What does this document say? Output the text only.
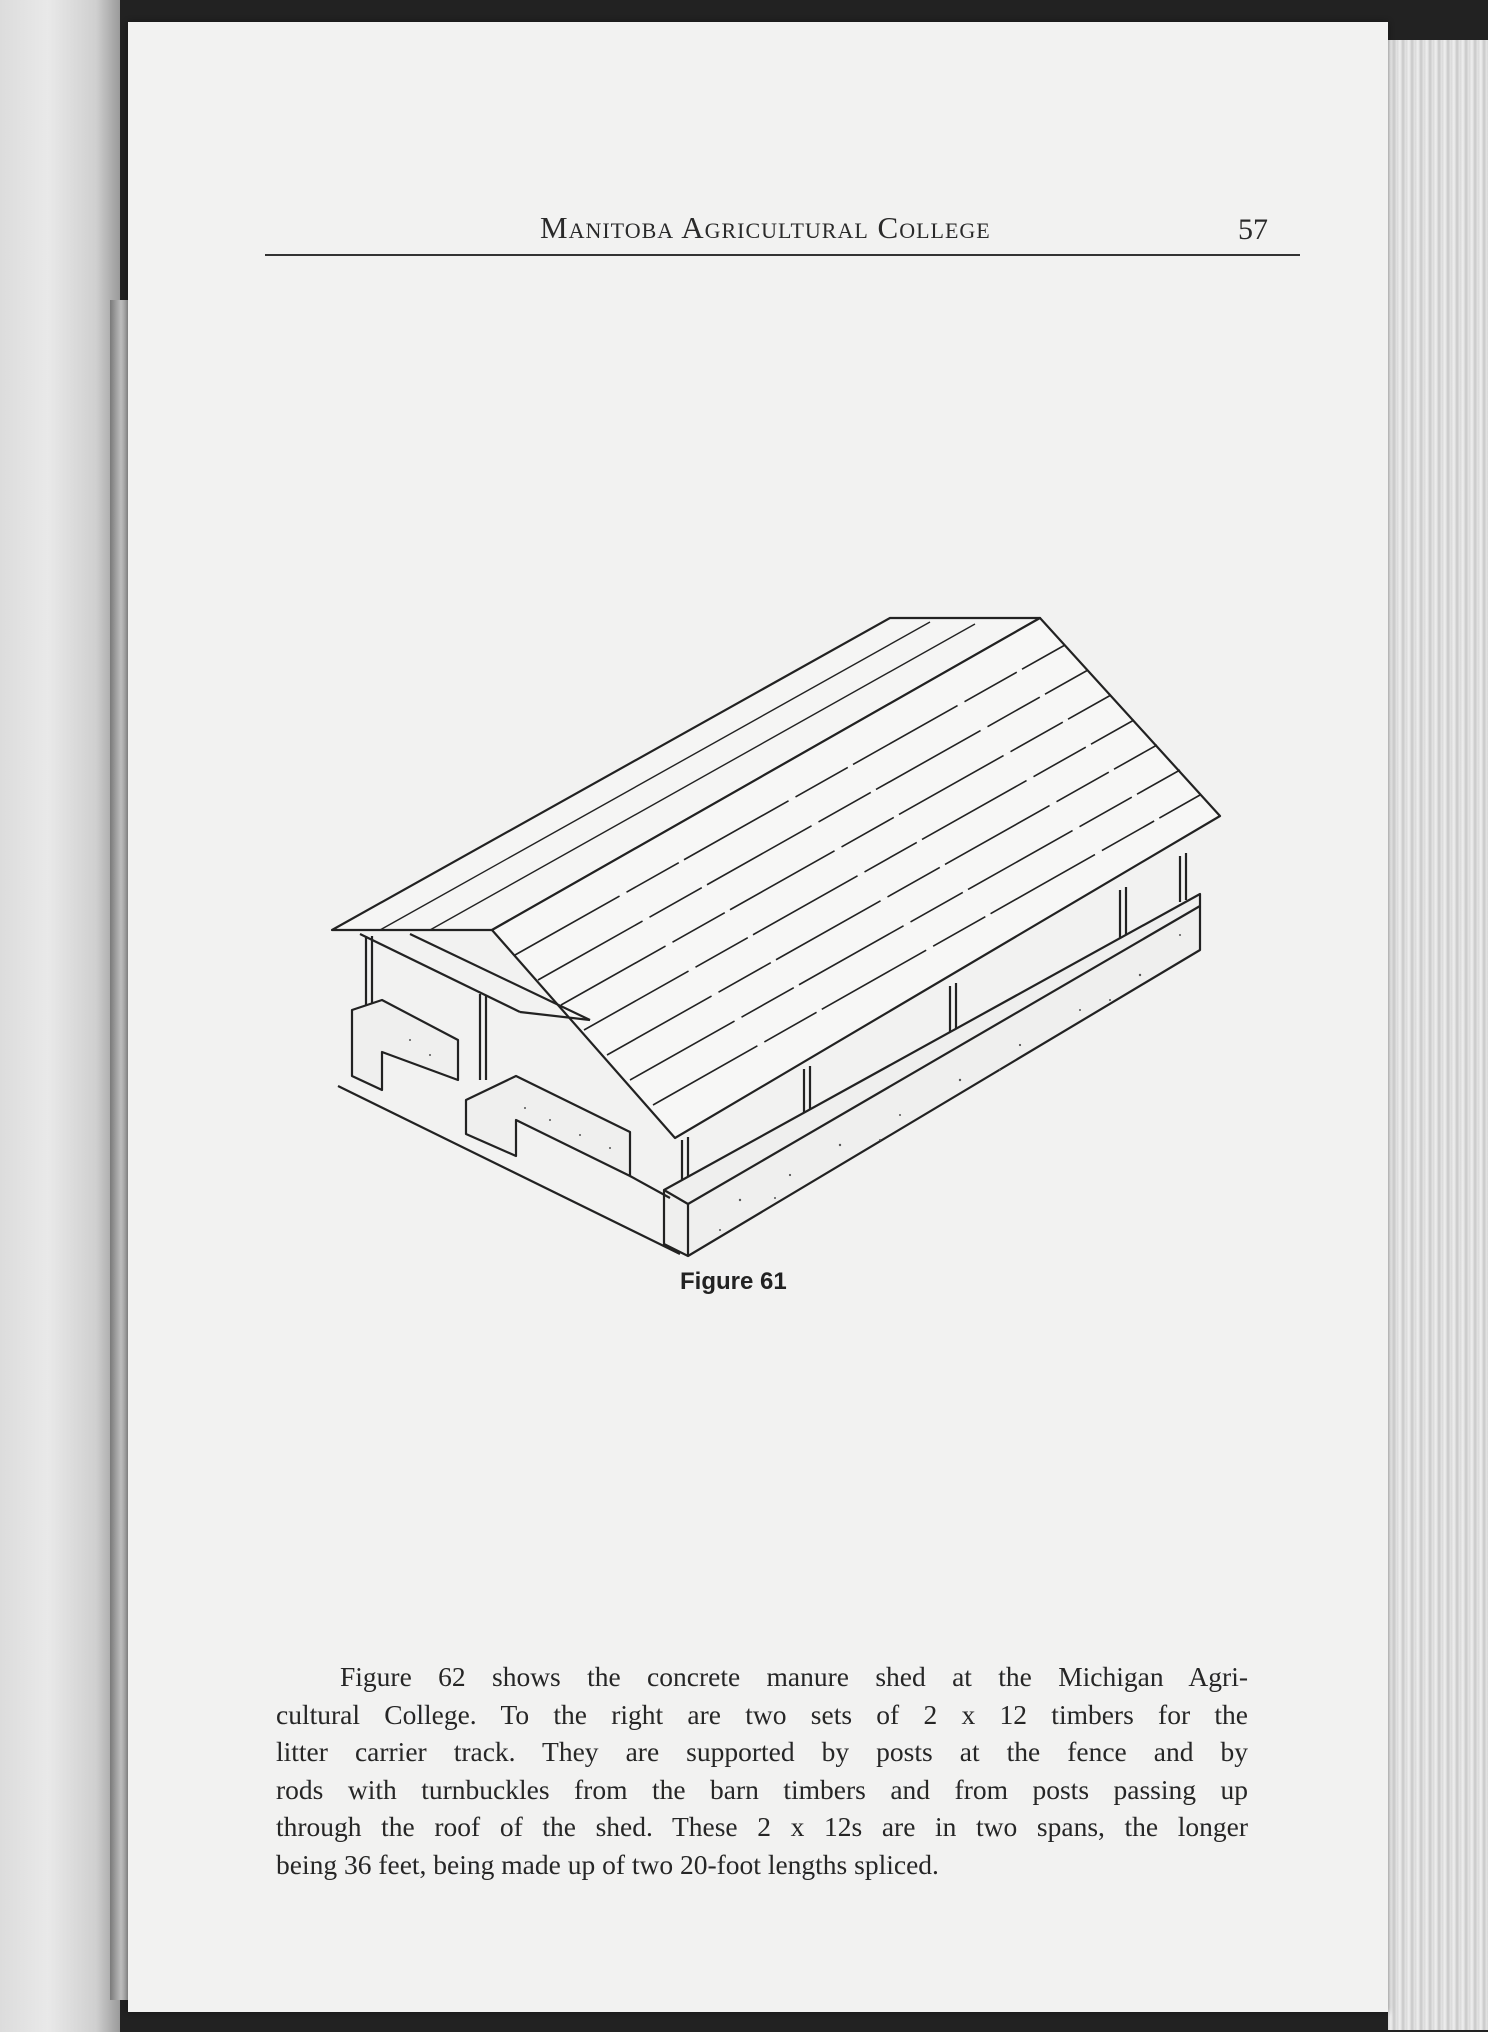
Manitoba Agricultural College	57
Figure 61
Figure 62 shows the concrete manure shed at the Michigan Agri-
cultural College. To the right are two sets of 2 x 12 timbers for the
litter carrier track. They are supported by posts at the fence and by
rods with turnbuckles from the barn timbers and from posts passing up
through the roof of the shed. These 2 x 12s are in two spans, the longer
being 36 feet, being made up of two 20-foot lengths spliced.
